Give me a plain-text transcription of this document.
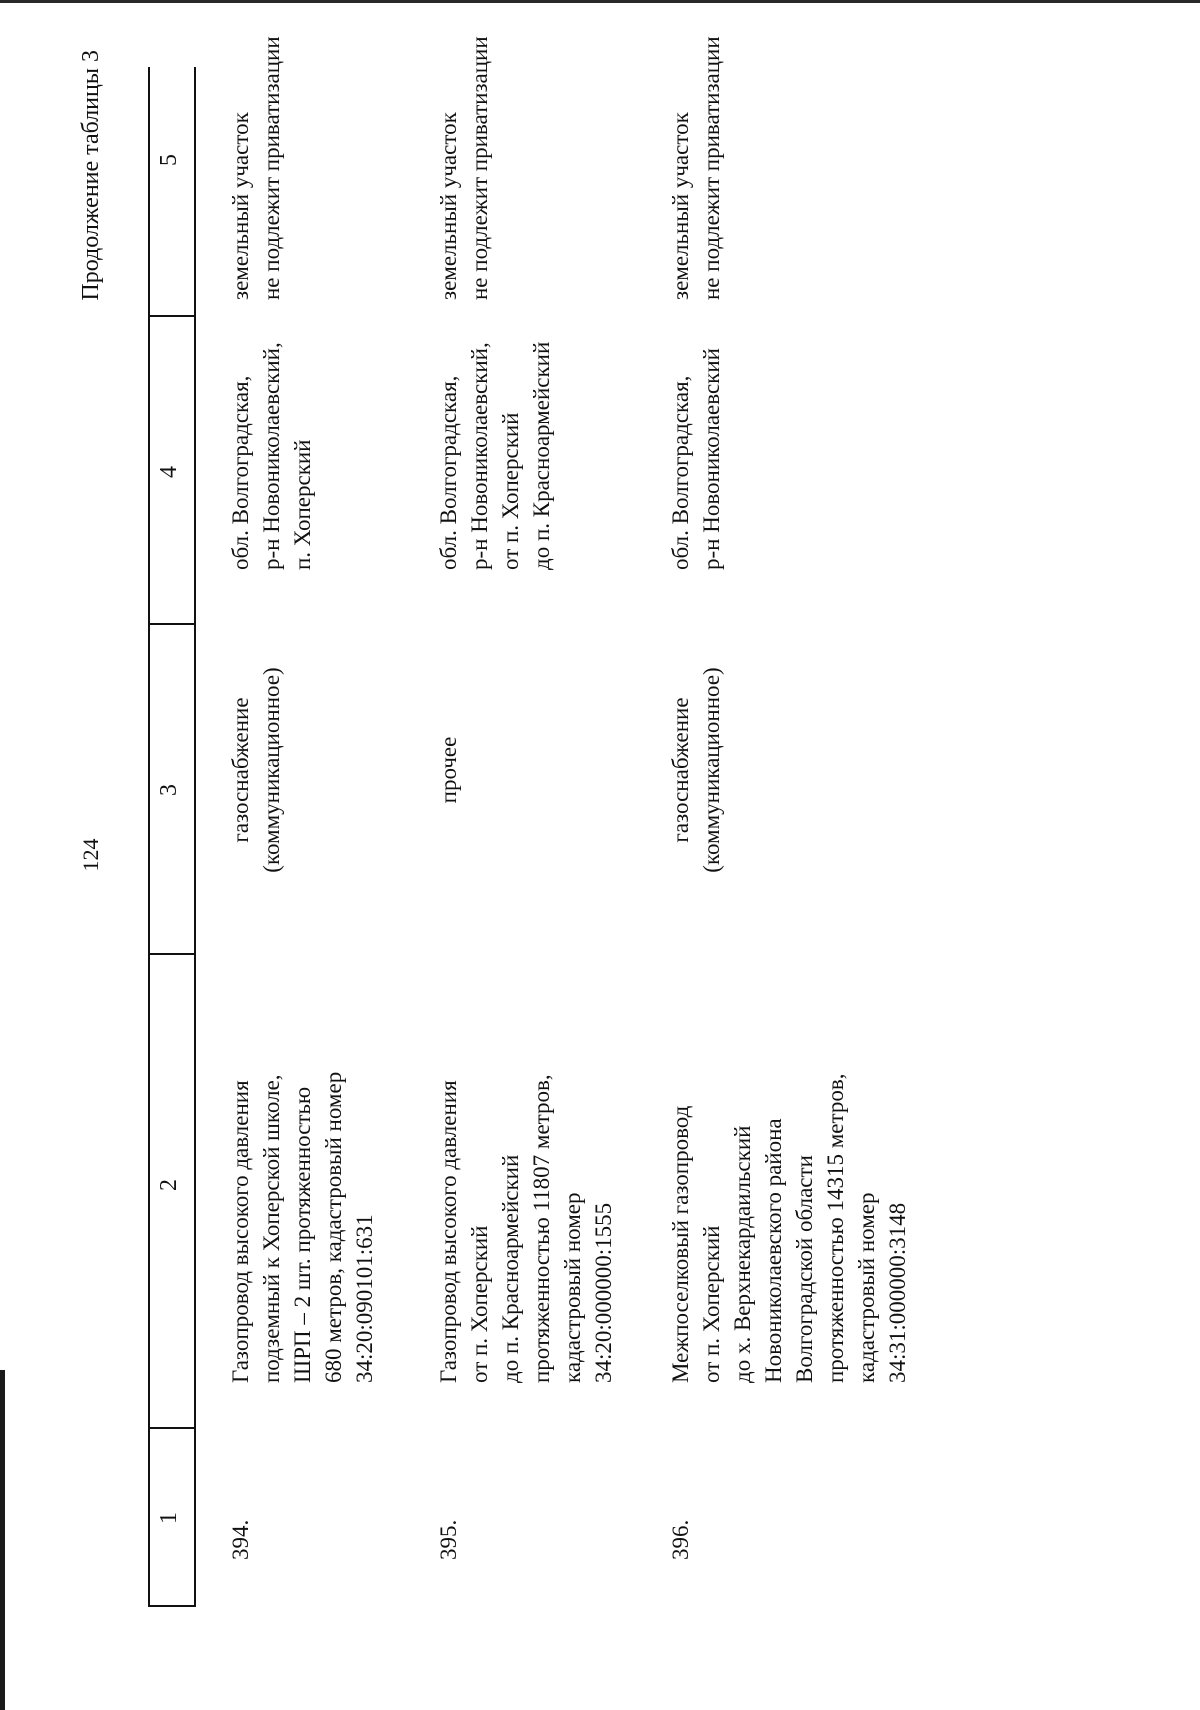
124
Продолжение таблицы 3
1
2
3
4
5
394.
Газопровод высокого давления
подземный к Хоперской школе,
ШРП – 2 шт. протяженностью
680 метров, кадастровый номер
34:20:090101:631
газоснабжение
(коммуникационное)
обл. Волгоградская,
р-н Новониколаевский,
п. Хоперский
земельный участок
не подлежит приватизации
395.
Газопровод высокого давления
от п. Хоперский
до п. Красноармейский
протяженностью 11807 метров,
кадастровый номер
34:20:000000:1555
прочее
обл. Волгоградская,
р-н Новониколаевский,
от п. Хоперский
до п. Красноармейский
земельный участок
не подлежит приватизации
396.
Межпоселковый газопровод
от п. Хоперский
до х. Верхнекардаильский
Новониколаевского района
Волгоградской области
протяженностью 14315 метров,
кадастровый номер
34:31:000000:3148
газоснабжение
(коммуникационное)
обл. Волгоградская,
р-н Новониколаевский
земельный участок
не подлежит приватизации
